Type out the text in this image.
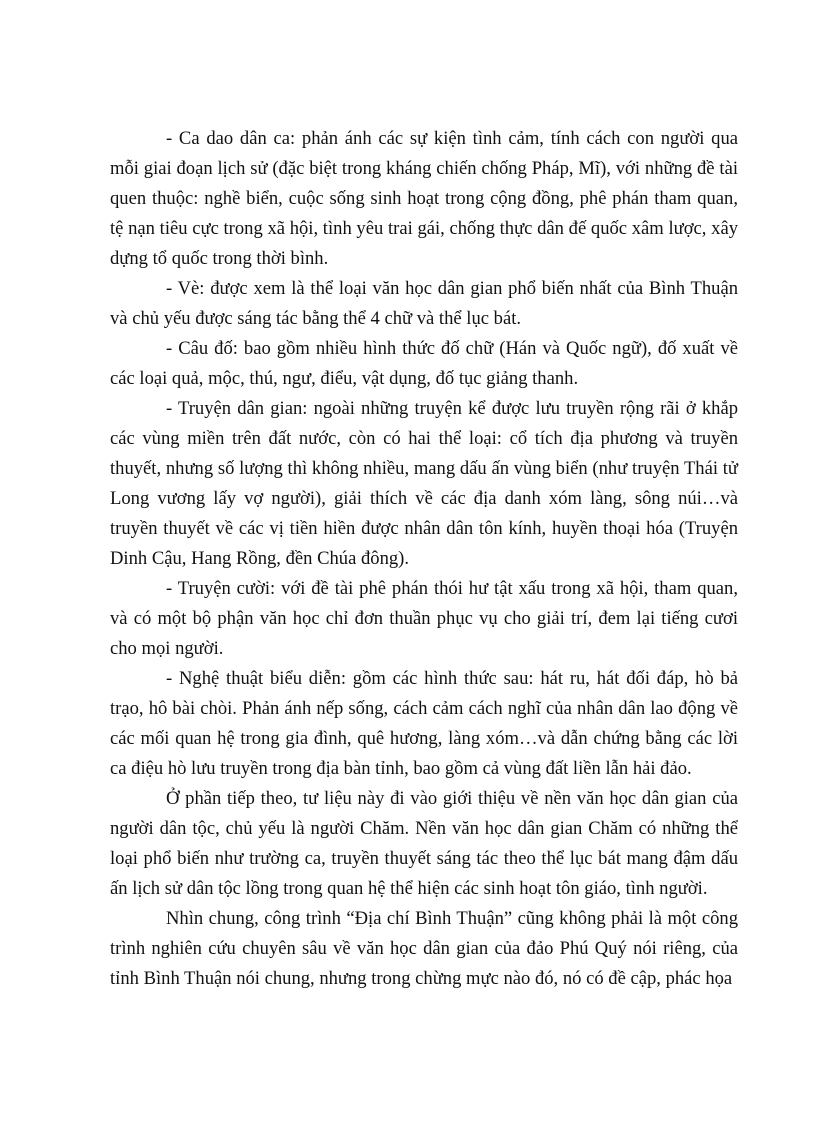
- Ca dao dân ca: phản ánh các sự kiện tình cảm, tính cách con người qua mỗi giai đoạn lịch sử (đặc biệt trong kháng chiến chống Pháp, Mĩ), với những đề tài quen thuộc: nghề biển, cuộc sống sinh hoạt trong cộng đồng, phê phán tham quan, tệ nạn tiêu cực trong xã hội, tình yêu trai gái, chống thực dân đế quốc xâm lược, xây dựng tổ quốc trong thời bình.

- Vè: được xem là thể loại văn học dân gian phổ biến nhất của Bình Thuận và chủ yếu được sáng tác bằng thể 4 chữ và thể lục bát.

- Câu đố: bao gồm nhiều hình thức đố chữ (Hán và Quốc ngữ), đố xuất về các loại quả, mộc, thú, ngư, điểu, vật dụng, đố tục giảng thanh.

- Truyện dân gian: ngoài những truyện kể được lưu truyền rộng rãi ở khắp các vùng miền trên đất nước, còn có hai thể loại: cổ tích địa phương và truyền thuyết, nhưng số lượng thì không nhiều, mang dấu ấn vùng biển (như truyện Thái tử Long vương lấy vợ người), giải thích về các địa danh xóm làng, sông núi…và truyền thuyết về các vị tiền hiền được nhân dân tôn kính, huyền thoại hóa (Truyện Dinh Cậu, Hang Rồng, đền Chúa đông).

- Truyện cười: với đề tài phê phán thói hư tật xấu trong xã hội, tham quan, và có một bộ phận văn học chỉ đơn thuần phục vụ cho giải trí, đem lại tiếng cươi cho mọi người.

- Nghệ thuật biểu diễn: gồm các hình thức sau: hát ru, hát đối đáp, hò bả trạo, hô bài chòi. Phản ánh nếp sống, cách cảm cách nghĩ của nhân dân lao động về các mối quan hệ trong gia đình, quê hương, làng xóm…và dẫn chứng bằng các lời ca điệu hò lưu truyền trong địa bàn tỉnh, bao gồm cả vùng đất liền lẫn hải đảo.

Ở phần tiếp theo, tư liệu này đi vào giới thiệu về nền văn học dân gian của người dân tộc, chủ yếu là người Chăm. Nền văn học dân gian Chăm có những thể loại phổ biến như trường ca, truyền thuyết sáng tác theo thể lục bát mang đậm dấu ấn lịch sử dân tộc lồng trong quan hệ thể hiện các sinh hoạt tôn giáo, tình người.

Nhìn chung, công trình “Địa chí Bình Thuận” cũng không phải là một công trình nghiên cứu chuyên sâu về văn học dân gian của đảo Phú Quý nói riêng, của tỉnh Bình Thuận nói chung, nhưng trong chừng mực nào đó, nó có đề cập, phác họa
